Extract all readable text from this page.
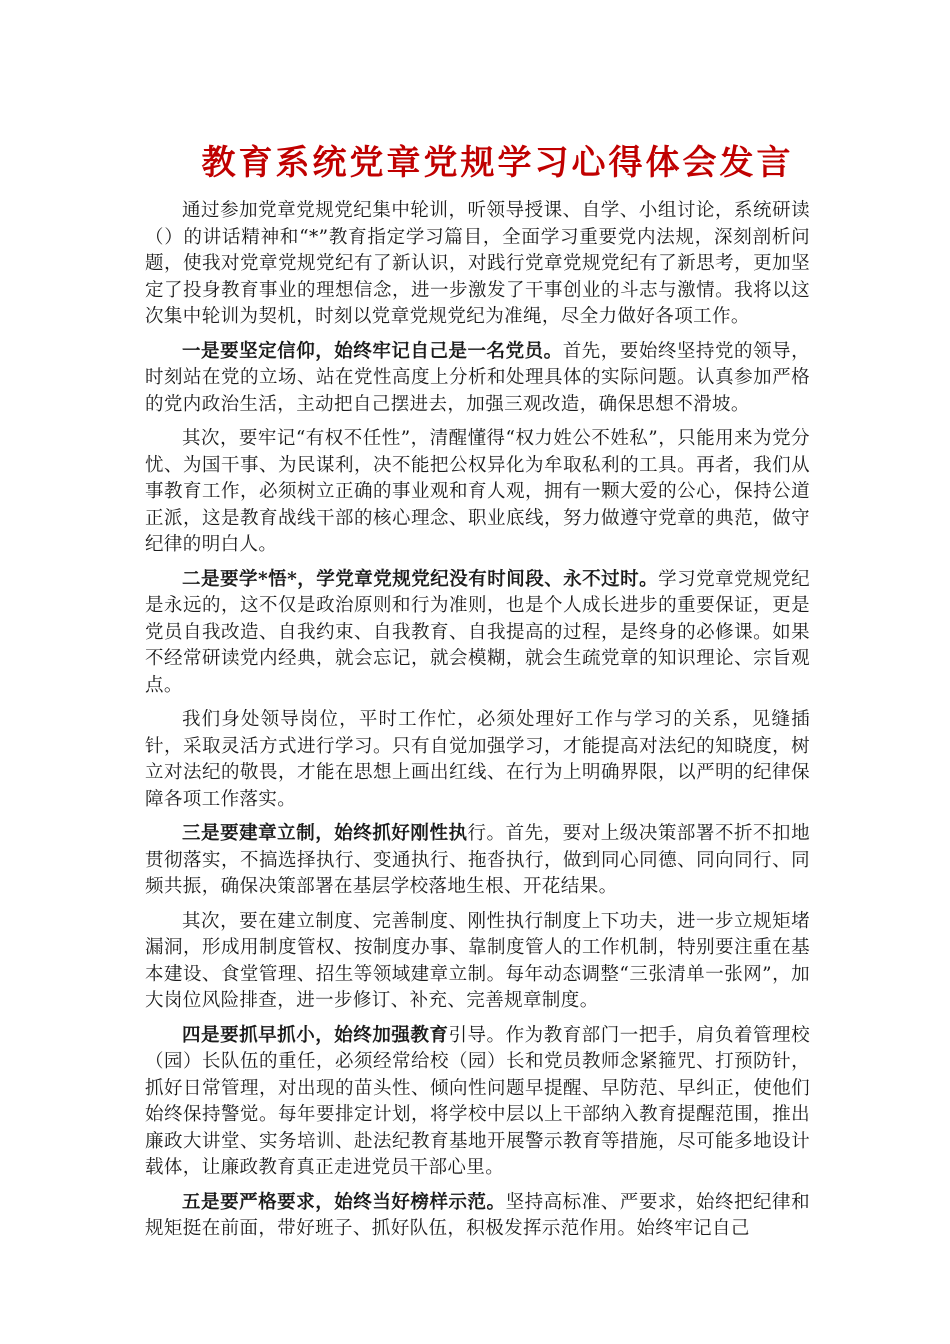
教育系统党章党规学习心得体会发言

通过参加党章党规党纪集中轮训，听领导授课、自学、小组讨论，系统研读（）的讲话精神和“*”教育指定学习篇目，全面学习重要党内法规，深刻剖析问题，使我对党章党规党纪有了新认识，对践行党章党规党纪有了新思考，更加坚定了投身教育事业的理想信念，进一步激发了干事创业的斗志与激情。我将以这次集中轮训为契机，时刻以党章党规党纪为准绳，尽全力做好各项工作。

一是要坚定信仰，始终牢记自己是一名党员。首先，要始终坚持党的领导，时刻站在党的立场、站在党性高度上分析和处理具体的实际问题。认真参加严格的党内政治生活，主动把自己摆进去，加强三观改造，确保思想不滑坡。

其次，要牢记“有权不任性”，清醒懂得“权力姓公不姓私”，只能用来为党分忧、为国干事、为民谋利，决不能把公权异化为牟取私利的工具。再者，我们从事教育工作，必须树立正确的事业观和育人观，拥有一颗大爱的公心，保持公道正派，这是教育战线干部的核心理念、职业底线，努力做遵守党章的典范，做守纪律的明白人。

二是要学*悟*，学党章党规党纪没有时间段、永不过时。学习党章党规党纪是永远的，这不仅是政治原则和行为准则，也是个人成长进步的重要保证，更是党员自我改造、自我约束、自我教育、自我提高的过程，是终身的必修课。如果不经常研读党内经典，就会忘记，就会模糊，就会生疏党章的知识理论、宗旨观点。

我们身处领导岗位，平时工作忙，必须处理好工作与学习的关系，见缝插针，采取灵活方式进行学习。只有自觉加强学习，才能提高对法纪的知晓度，树立对法纪的敬畏，才能在思想上画出红线、在行为上明确界限，以严明的纪律保障各项工作落实。

三是要建章立制，始终抓好刚性执行。首先，要对上级决策部署不折不扣地贯彻落实，不搞选择执行、变通执行、拖沓执行，做到同心同德、同向同行、同频共振，确保决策部署在基层学校落地生根、开花结果。

其次，要在建立制度、完善制度、刚性执行制度上下功夫，进一步立规矩堵漏洞，形成用制度管权、按制度办事、靠制度管人的工作机制，特别要注重在基本建设、食堂管理、招生等领域建章立制。每年动态调整“三张清单一张网”，加大岗位风险排查，进一步修订、补充、完善规章制度。

四是要抓早抓小，始终加强教育引导。作为教育部门一把手，肩负着管理校（园）长队伍的重任，必须经常给校（园）长和党员教师念紧箍咒、打预防针，抓好日常管理，对出现的苗头性、倾向性问题早提醒、早防范、早纠正，使他们始终保持警觉。每年要排定计划，将学校中层以上干部纳入教育提醒范围，推出廉政大讲堂、实务培训、赴法纪教育基地开展警示教育等措施，尽可能多地设计载体，让廉政教育真正走进党员干部心里。

五是要严格要求，始终当好榜样示范。坚持高标准、严要求，始终把纪律和规矩挺在前面，带好班子、抓好队伍，积极发挥示范作用。始终牢记自己
